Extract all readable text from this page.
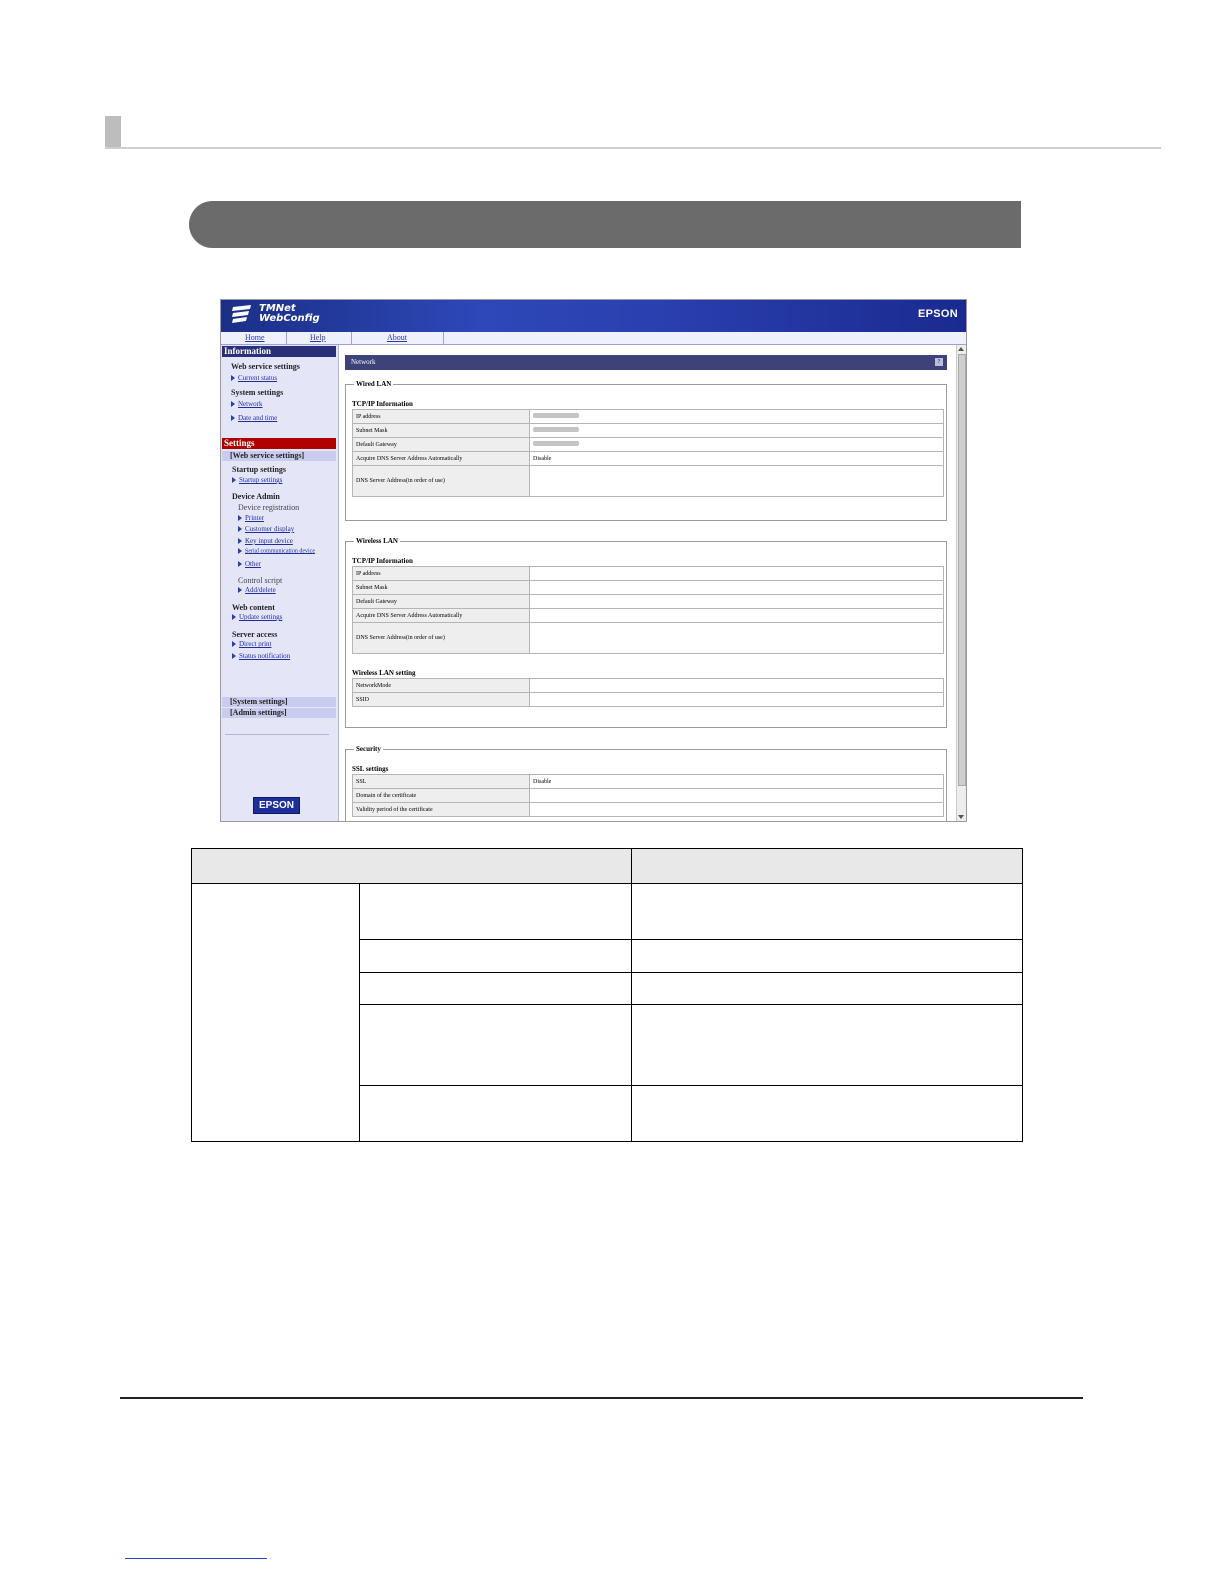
TMNet
WebConfig	EPSON
Home	Help	About
Information
Web service settings
Current status
System settings
Network
Date and time
Settings
[Web service settings]
Startup settings
Startup settings
Device Admin
Device registration
Printer
Customer display
Key input device
Serial communication device
Other
Control script
Add/delete
Web content
Update settings
Server access
Direct print
Status notification
[System settings]
[Admin settings]
EPSON
Network	?
Wired LAN
TCP/IP Information
IP address	
Subnet Mask	
Default Gateway	
Acquire DNS Server Address Automatically	Disable
DNS Server Address(in order of use)	
Wireless LAN
TCP/IP Information
IP address	
Subnet Mask	
Default Gateway	
Acquire DNS Server Address Automatically	
DNS Server Address(in order of use)	
Wireless LAN setting
NetworkMode	
SSID	
Security
SSL settings
SSL	Disable
Domain of the certificate	
Validity period of the certificate	
